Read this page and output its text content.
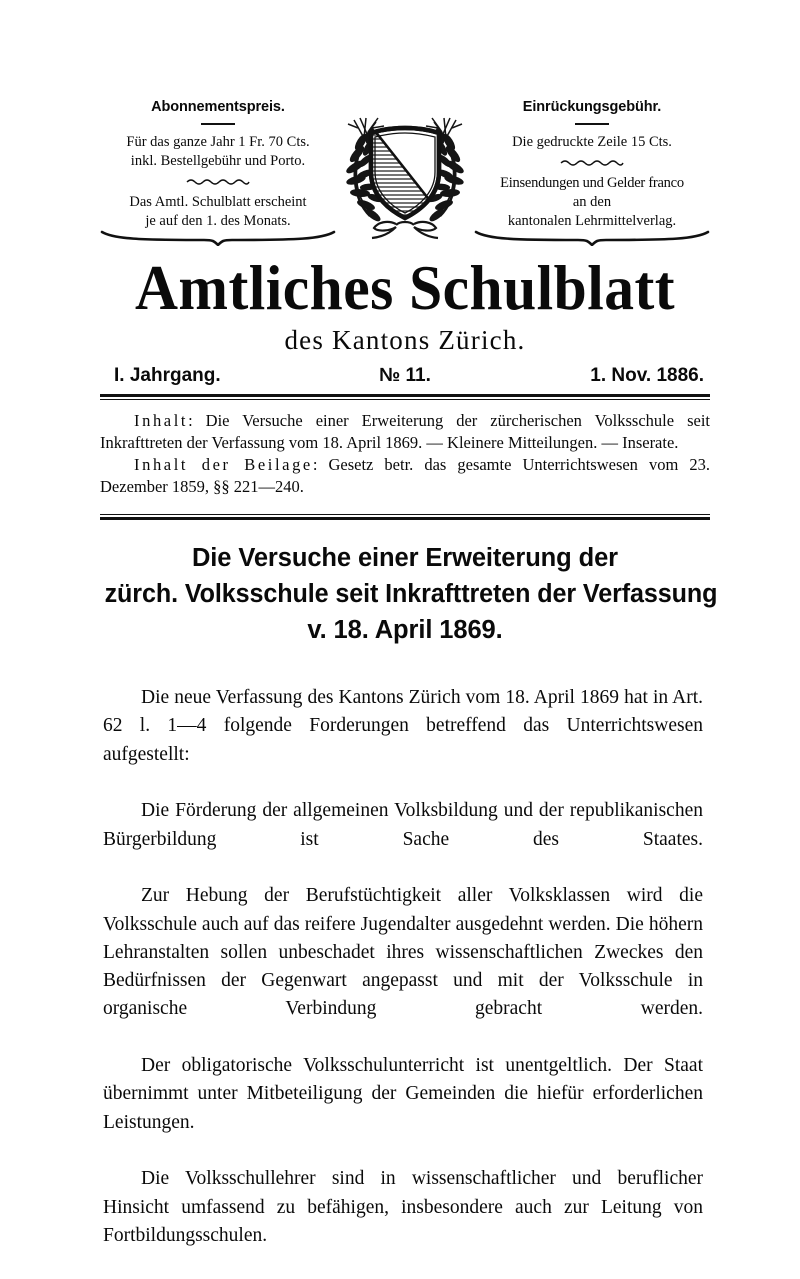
Abonnementspreis.
Für das ganze Jahr 1 Fr. 70 Cts.
inkl. Bestellgebühr und Porto.
Das Amtl. Schulblatt erscheint
je auf den 1. des Monats.
Einrückungsgebühr.
Die gedruckte Zeile 15 Cts.
Einsendungen und Gelder franco
an den
kantonalen Lehrmittelverlag.
Amtliches Schulblatt
des Kantons Zürich.
I. Jahrgang.	№ 11.	1. Nov. 1886.

Inhalt: Die Versuche einer Erweiterung der zürcherischen Volksschule seit Inkrafttreten der Verfassung vom 18. April 1869. — Kleinere Mitteilungen. — Inserate.

Inhalt der Beilage: Gesetz betr. das gesamte Unterrichtswesen vom 23. Dezember 1859, §§ 221—240.

Die Versuche einer Erweiterung der
zürch. Volksschule seit Inkrafttreten der Verfassung
v. 18. April 1869.

Die neue Verfassung des Kantons Zürich vom 18. April 1869 hat in Art. 62 l. 1—4 folgende Forderungen betreffend das Unterrichtswesen aufgestellt:

Die Förderung der allgemeinen Volksbildung und der republikanischen Bürgerbildung ist Sache des Staates.

Zur Hebung der Berufstüchtigkeit aller Volksklassen wird die Volksschule auch auf das reifere Jugendalter ausgedehnt werden. Die höhern Lehranstalten sollen unbeschadet ihres wissenschaftlichen Zweckes den Bedürfnissen der Gegenwart angepasst und mit der Volksschule in organische Verbindung gebracht werden.

Der obligatorische Volksschulunterricht ist unentgeltlich. Der Staat übernimmt unter Mitbeteiligung der Gemeinden die hiefür erforderlichen Leistungen.

Die Volksschullehrer sind in wissenschaftlicher und beruflicher Hinsicht umfassend zu befähigen, insbesondere auch zur Leitung von Fortbildungsschulen.
